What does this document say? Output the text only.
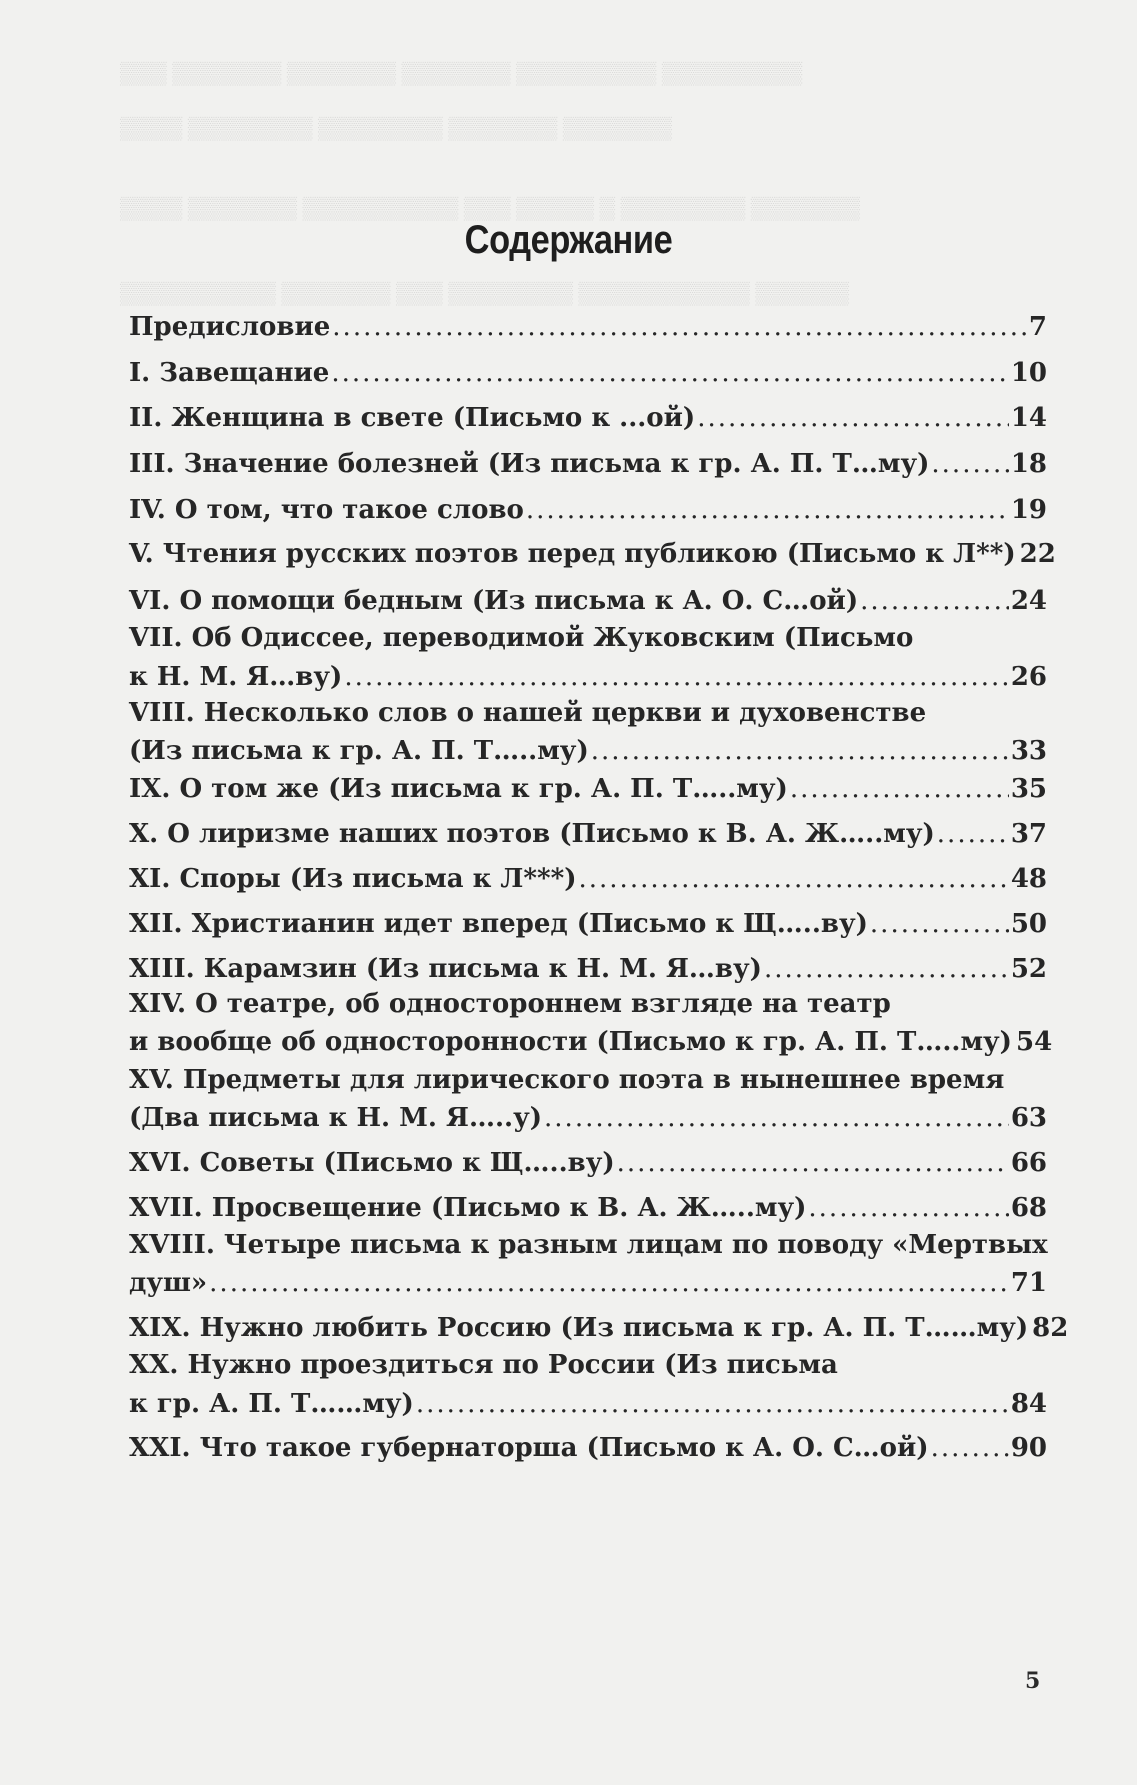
▒▒▒ ▒▒▒▒▒▒▒ ▒▒▒▒▒▒▒ ▒▒▒▒▒▒▒ ▒▒▒▒▒▒▒▒▒ ▒▒▒▒▒▒▒▒▒
▒▒▒▒ ▒▒▒▒▒▒▒▒ ▒▒▒▒▒▒▒▒ ▒▒▒▒▒▒▒ ▒▒▒▒▒▒▒
▒▒▒▒ ▒▒▒▒▒▒▒ ▒▒▒▒▒▒▒▒▒▒ ▒▒▒ ▒▒▒▒▒ ▒ ▒▒▒▒▒▒▒▒ ▒▒▒▒▒▒▒
▒▒▒▒▒▒▒▒▒▒ ▒▒▒▒▒▒▒ ▒▒▒ ▒▒▒▒▒▒▒▒ ▒▒▒▒▒▒▒▒▒▒▒ ▒▒▒▒▒▒
Содержание
Предисловие .....	7
I. Завещание .....	10
II. Женщина в свете (Письмо к ...ой) .....	14
III. Значение болезней (Из письма к гр. А. П. Т…му) .....	18
IV. О том, что такое слово .....	19
V. Чтения русских поэтов перед публикою (Письмо к Л**) 22
VI. О помощи бедным (Из письма к А. О. С…ой) .....	24
VII. Об Одиссее, переводимой Жуковским (Письмо
к Н. М. Я…ву) .....	26
VIII. Несколько слов о нашей церкви и духовенстве
(Из письма к гр. А. П. Т…..му) .....	33
IX. О том же (Из письма к гр. А. П. Т…..му) .....	35
X. О лиризме наших поэтов (Письмо к В. А. Ж…..му) .....	37
XI. Споры (Из письма к Л***) .....	48
XII. Христианин идет вперед (Письмо к Щ…..ву) .....	50
XIII. Карамзин (Из письма к Н. М. Я…ву) .....	52
XIV. О театре, об одностороннем взгляде на театр
и вообще об односторонности (Письмо к гр. А. П. Т…..му) 54
XV. Предметы для лирического поэта в нынешнее время
(Два письма к Н. М. Я…..у) .....	63
XVI. Советы (Письмо к Щ…..ву) .....	66
XVII. Просвещение (Письмо к В. А. Ж…..му) .....	68
XVIII. Четыре письма к разным лицам по поводу «Мертвых
душ» .....	71
XIX. Нужно любить Россию (Из письма к гр. А. П. Т……му) 82
XX. Нужно проездиться по России (Из письма
к гр. А. П. Т……му) .....	84
XXI. Что такое губернаторша (Письмо к А. О. С…ой) .....	90
5
